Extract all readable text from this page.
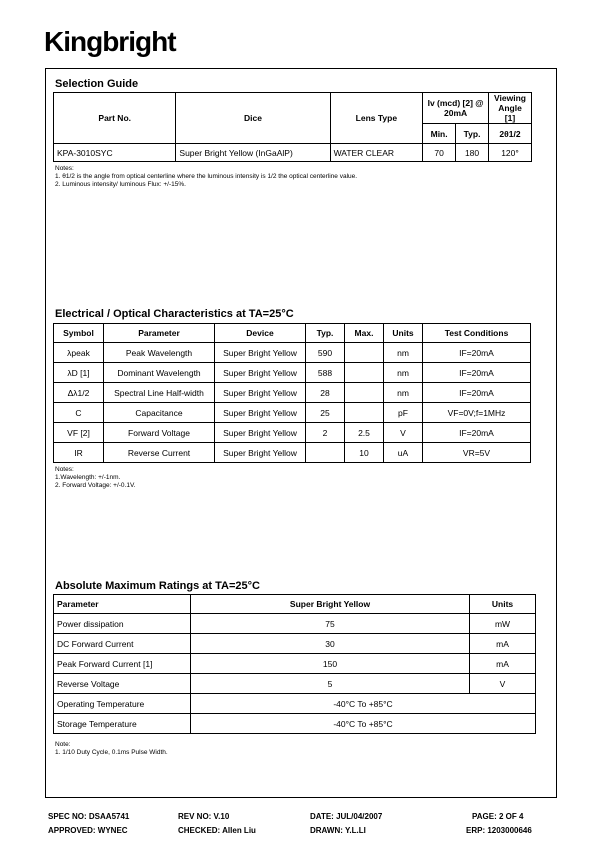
Kingbright
Selection Guide
Part No.	Dice	Lens Type	Iv (mcd) [2] @ 20mA		Viewing Angle [1]
			Min.	Typ.	2θ1/2
KPA-3010SYC	Super Bright Yellow (InGaAlP)	WATER CLEAR	70	180	120°
Notes:
1. θ1/2 is the angle from optical centerline where the luminous intensity is 1/2 the optical centerline value.
2. Luminous intensity/ luminous Flux: +/-15%.
Electrical / Optical Characteristics at TA=25°C
Symbol	Parameter	Device	Typ.	Max.	Units	Test Conditions
λpeak	Peak Wavelength	Super Bright Yellow	590		nm	IF=20mA
λD [1]	Dominant Wavelength	Super Bright Yellow	588		nm	IF=20mA
Δλ1/2	Spectral Line Half-width	Super Bright Yellow	28		nm	IF=20mA
C	Capacitance	Super Bright Yellow	25		pF	VF=0V;f=1MHz
VF [2]	Forward Voltage	Super Bright Yellow	2	2.5	V	IF=20mA
IR	Reverse Current	Super Bright Yellow		10	uA	VR=5V
Notes:
1.Wavelength: +/-1nm.
2. Forward Voltage: +/-0.1V.
Absolute Maximum Ratings at TA=25°C
Parameter	Super Bright Yellow	Units
Power dissipation	75	mW
DC Forward Current	30	mA
Peak Forward Current [1]	150	mA
Reverse Voltage	5	V
Operating Temperature	-40°C To +85°C	
Storage Temperature	-40°C To +85°C	
Note:
1. 1/10 Duty Cycle, 0.1ms Pulse Width.
SPEC NO: DSAA5741	REV NO: V.10	DATE: JUL/04/2007	PAGE: 2 OF 4
APPROVED: WYNEC	CHECKED: Allen Liu	DRAWN: Y.L.LI	ERP: 1203000646
